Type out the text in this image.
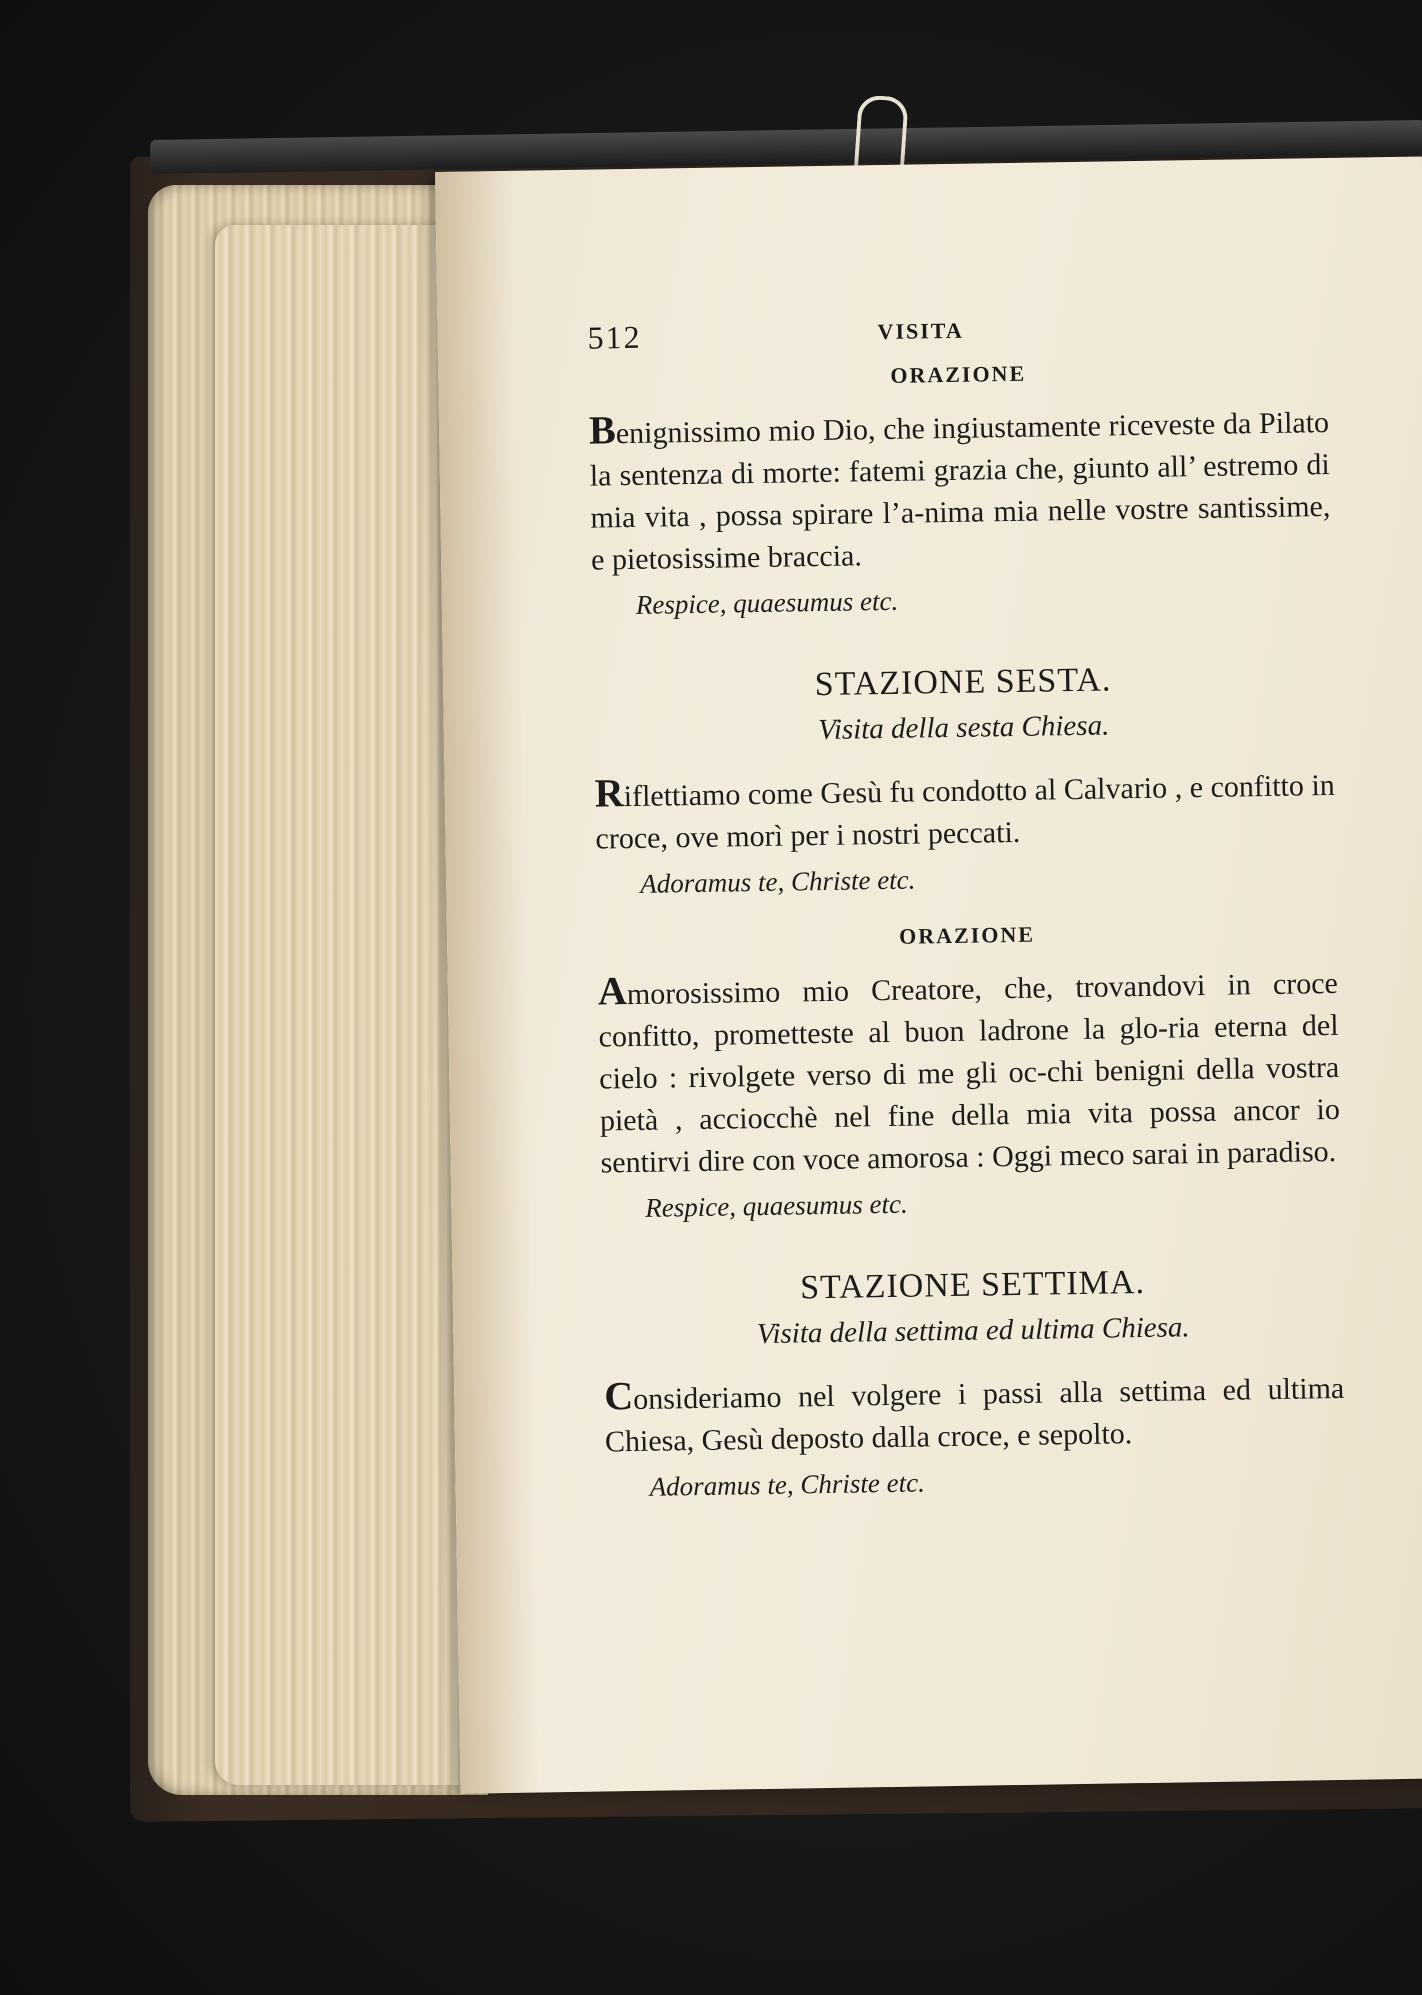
512	VISITA
ORAZIONE

Benignissimo mio Dio, che ingiustamente riceveste da Pilato la sentenza di morte: fatemi grazia che, giunto all’ estremo di mia vita , possa spirare l’a-nima mia nelle vostre santissime, e pietosissime braccia.

Respice, quaesumus etc.
STAZIONE SESTA.
Visita della sesta Chiesa.

Riflettiamo come Gesù fu condotto al Calvario , e confitto in croce, ove morì per i nostri peccati.

Adoramus te, Christe etc.
ORAZIONE

Amorosissimo mio Creatore, che, trovandovi in croce confitto, prometteste al buon ladrone la glo-ria eterna del cielo : rivolgete verso di me gli oc-chi benigni della vostra pietà , acciocchè nel fine della mia vita possa ancor io sentirvi dire con voce amorosa : Oggi meco sarai in paradiso.

Respice, quaesumus etc.
STAZIONE SETTIMA.
Visita della settima ed ultima Chiesa.

Consideriamo nel volgere i passi alla settima ed ultima Chiesa, Gesù deposto dalla croce, e sepolto.

Adoramus te, Christe etc.
